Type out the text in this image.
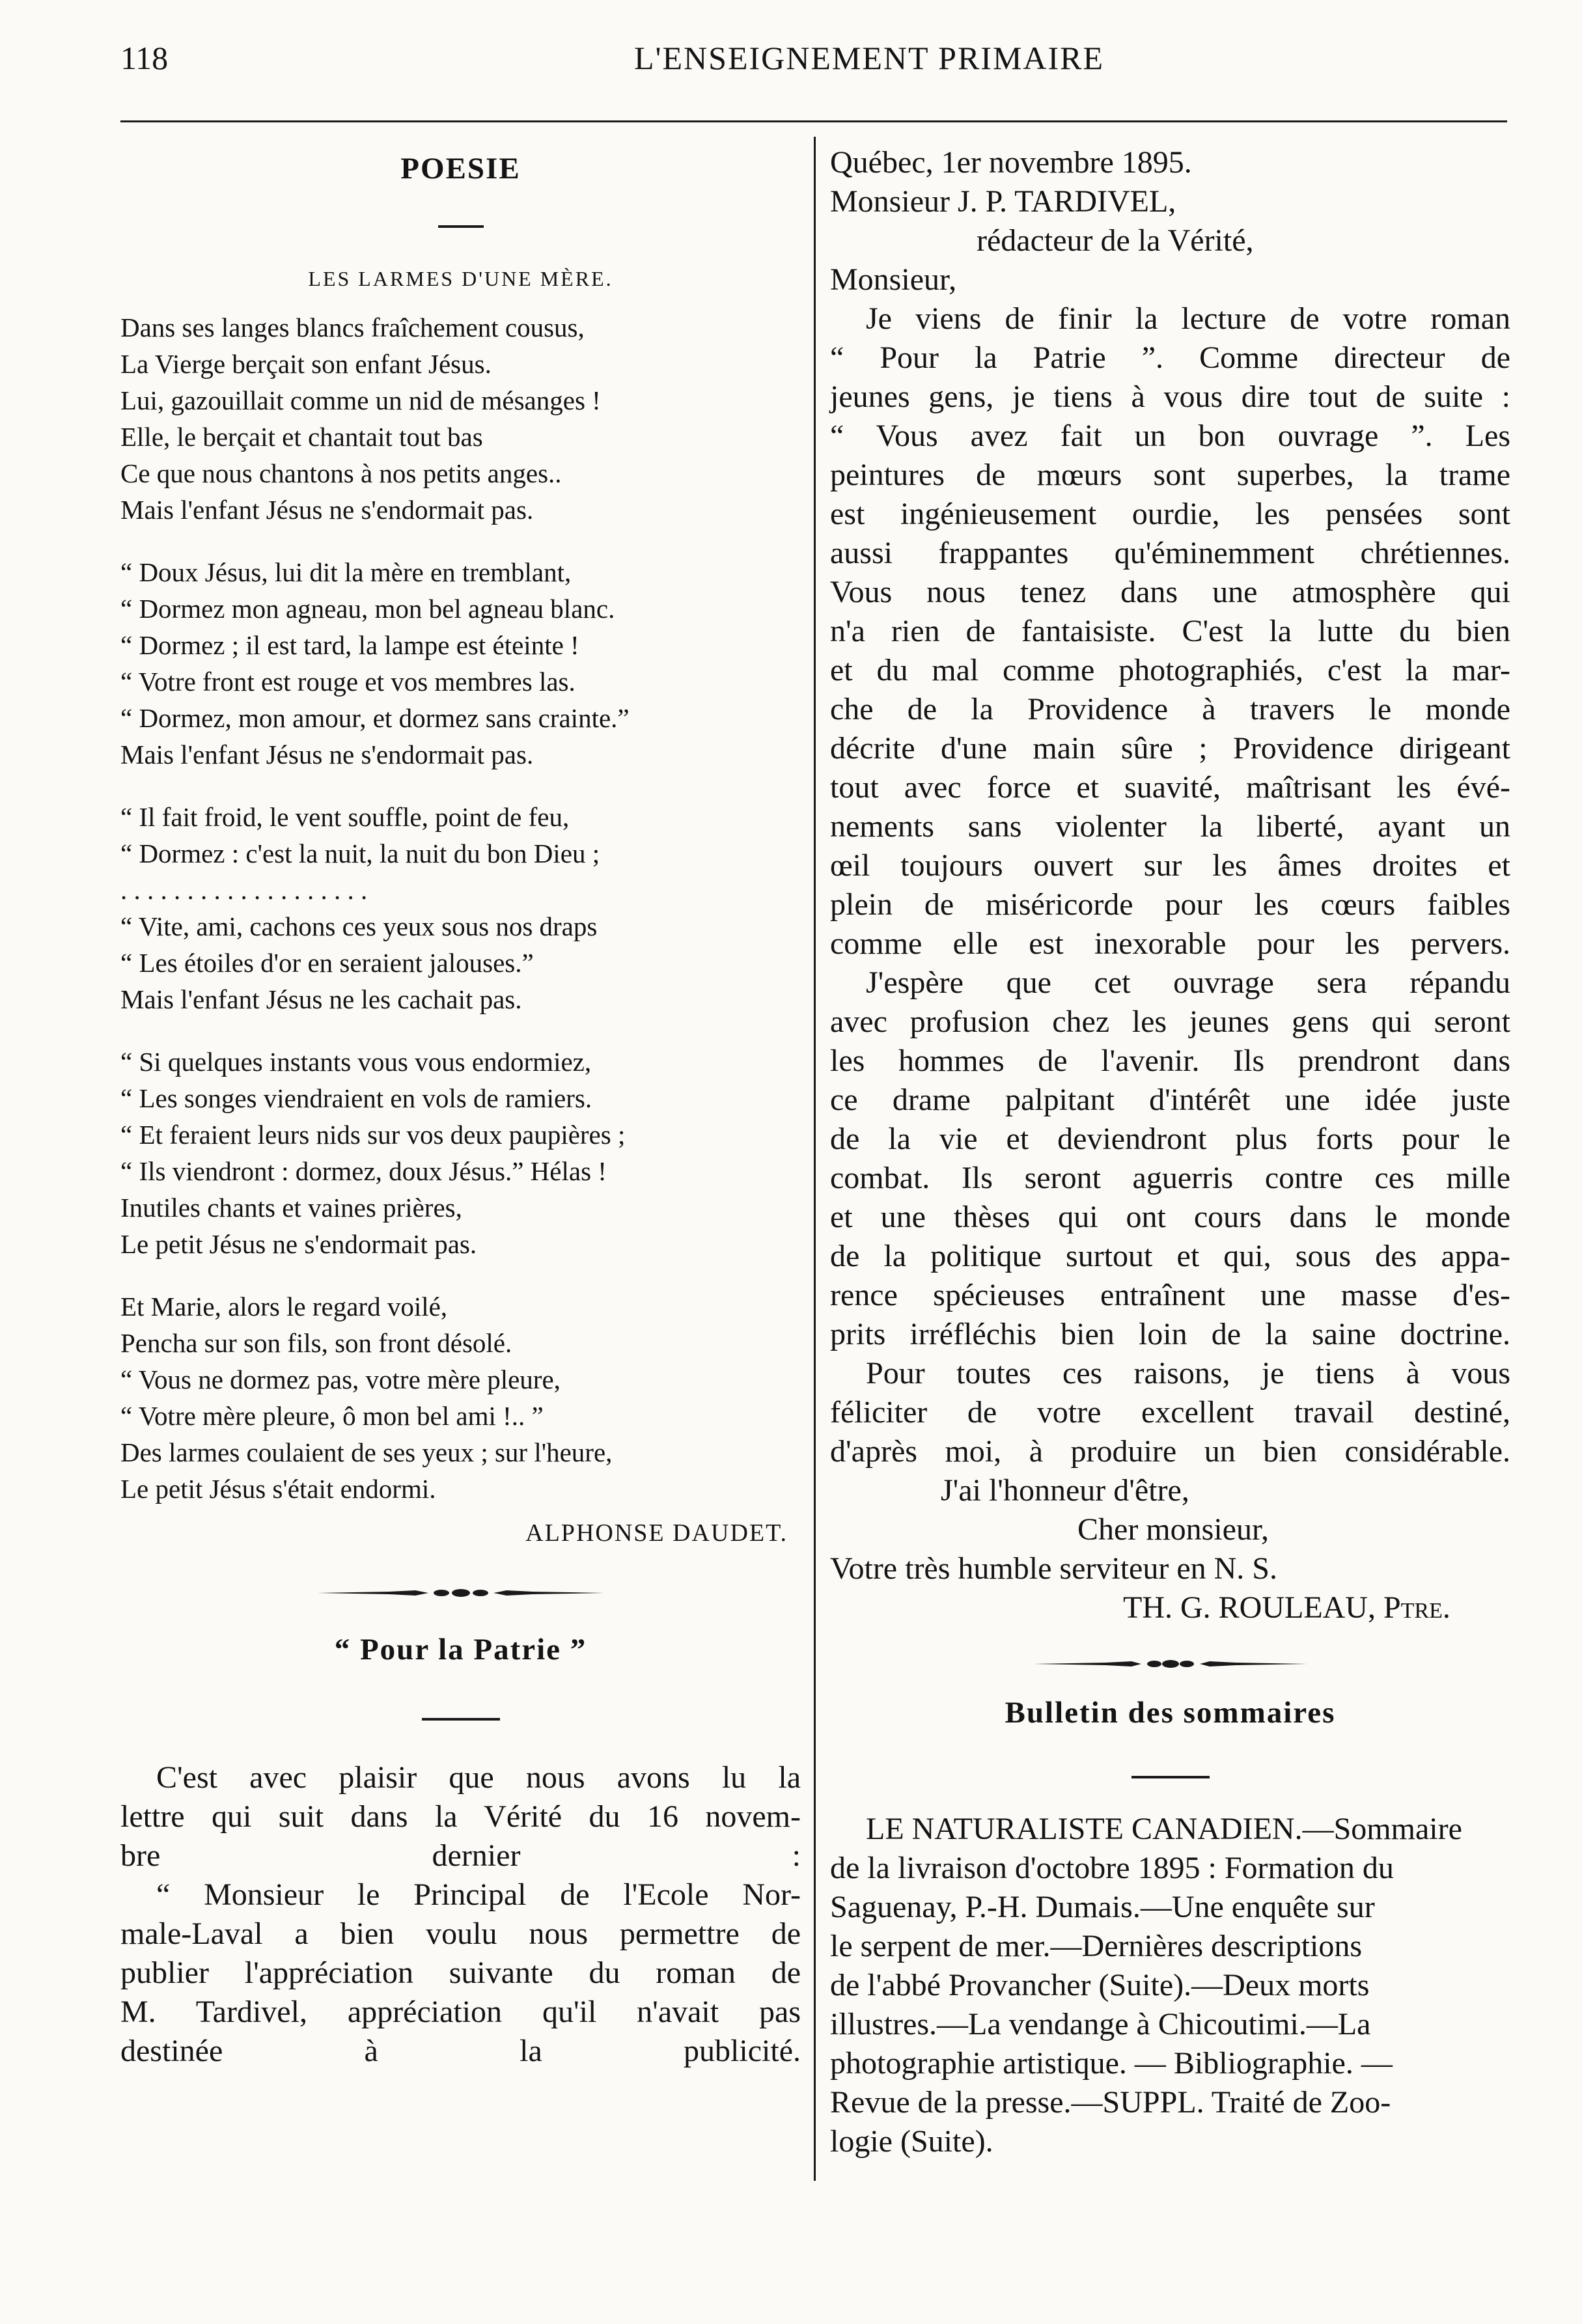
118	L'ENSEIGNEMENT PRIMAIRE
POESIE
LES LARMES D'UNE MÈRE.
Dans ses langes blancs fraîchement cousus,
La Vierge berçait son enfant Jésus.
Lui, gazouillait comme un nid de mésanges !
Elle, le berçait et chantait tout bas
Ce que nous chantons à nos petits anges..
Mais l'enfant Jésus ne s'endormait pas.
“ Doux Jésus, lui dit la mère en tremblant,
“ Dormez mon agneau, mon bel agneau blanc.
“ Dormez ; il est tard, la lampe est éteinte !
“ Votre front est rouge et vos membres las.
“ Dormez, mon amour, et dormez sans crainte.”
Mais l'enfant Jésus ne s'endormait pas.
“ Il fait froid, le vent souffle, point de feu,
“ Dormez : c'est la nuit, la nuit du bon Dieu ;
. . . . . . . . . . . . . . . . . . .
“ Vite, ami, cachons ces yeux sous nos draps
“ Les étoiles d'or en seraient jalouses.”
Mais l'enfant Jésus ne les cachait pas.
“ Si quelques instants vous vous endormiez,
“ Les songes viendraient en vols de ramiers.
“ Et feraient leurs nids sur vos deux paupières ;
“ Ils viendront : dormez, doux Jésus.” Hélas !
Inutiles chants et vaines prières,
Le petit Jésus ne s'endormait pas.
Et Marie, alors le regard voilé,
Pencha sur son fils, son front désolé.
“ Vous ne dormez pas, votre mère pleure,
“ Votre mère pleure, ô mon bel ami !.. ”
Des larmes coulaient de ses yeux ; sur l'heure,
Le petit Jésus s'était endormi.
ALPHONSE DAUDET.
“ Pour la Patrie ”
C'est avec plaisir que nous avons lu la
lettre qui suit dans la Vérité du 16 novem-
bre dernier :
“ Monsieur le Principal de l'Ecole Nor-
male-Laval a bien voulu nous permettre de
publier l'appréciation suivante du roman de
M. Tardivel, appréciation qu'il n'avait pas
destinée à la publicité.
Québec, 1er novembre 1895.
Monsieur J. P. TARDIVEL,
rédacteur de la Vérité,
Monsieur,
Je viens de finir la lecture de votre roman
“ Pour la Patrie ”. Comme directeur de
jeunes gens, je tiens à vous dire tout de suite :
“ Vous avez fait un bon ouvrage ”. Les
peintures de mœurs sont superbes, la trame
est ingénieusement ourdie, les pensées sont
aussi frappantes qu'éminemment chrétiennes.
Vous nous tenez dans une atmosphère qui
n'a rien de fantaisiste. C'est la lutte du bien
et du mal comme photographiés, c'est la mar-
che de la Providence à travers le monde
décrite d'une main sûre ; Providence dirigeant
tout avec force et suavité, maîtrisant les évé-
nements sans violenter la liberté, ayant un
œil toujours ouvert sur les âmes droites et
plein de miséricorde pour les cœurs faibles
comme elle est inexorable pour les pervers.
J'espère que cet ouvrage sera répandu
avec profusion chez les jeunes gens qui seront
les hommes de l'avenir. Ils prendront dans
ce drame palpitant d'intérêt une idée juste
de la vie et deviendront plus forts pour le
combat. Ils seront aguerris contre ces mille
et une thèses qui ont cours dans le monde
de la politique surtout et qui, sous des appa-
rence spécieuses entraînent une masse d'es-
prits irréfléchis bien loin de la saine doctrine.
Pour toutes ces raisons, je tiens à vous
féliciter de votre excellent travail destiné,
d'après moi, à produire un bien considérable.
J'ai l'honneur d'être,
Cher monsieur,
Votre très humble serviteur en N. S.
TH. G. ROULEAU, Ptre.
Bulletin des sommaires
LE NATURALISTE CANADIEN.—Sommaire
de la livraison d'octobre 1895 : Formation du
Saguenay, P.-H. Dumais.—Une enquête sur
le serpent de mer.—Dernières descriptions
de l'abbé Provancher (Suite).—Deux morts
illustres.—La vendange à Chicoutimi.—La
photographie artistique. — Bibliographie. —
Revue de la presse.—SUPPL. Traité de Zoo-
logie (Suite).
